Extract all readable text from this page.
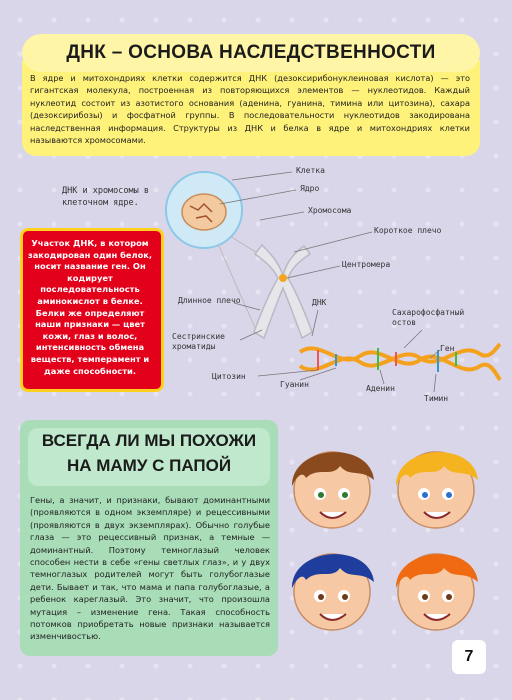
ДНК – ОСНОВА НАСЛЕДСТВЕННОСТИ
В ядре и митохондриях клетки содержится ДНК (дезоксирибонуклеиновая кислота) — это гигантская молекула, построенная из повторяющихся элементов — нуклеотидов. Каждый нуклеотид состоит из азотистого основания (аденина, гуанина, тимина или цитозина), сахара (дезоксирибозы) и фосфатной группы. В последовательности нуклеотидов закодирована наследственная информация. Структуры из ДНК и белка в ядре и митохондриях клетки называются хромосомами.
ДНК и хромосомы в клеточном ядре.
Клетка
Ядро
Хромосома
Короткое плечо
Центромера
Длинное плечо
Сестринские хроматиды
ДНК
Сахарофосфатный остов
Ген
Аденин
Тимин
Гуанин
Цитозин
Участок ДНК, в котором закодирован один белок, носит название ген. Он кодирует последовательность аминокислот в белке. Белки же определяют наши признаки — цвет кожи, глаз и волос, интенсивность обмена веществ, темперамент и даже способности.
ВСЕГДА ЛИ МЫ ПОХОЖИ
НА МАМУ С ПАПОЙ
Гены, а значит, и признаки, бывают доминантными (проявляются в одном экземпляре) и рецессивными (проявляются в двух экземплярах). Обычно голубые глаза — это рецессивный признак, а темные — доминантный. Поэтому темноглазый человек способен нести в себе «гены светлых глаз», и у двух темноглазых родителей могут быть голубоглазые дети. Бывает и так, что мама и папа голубоглазые, а ребенок кареглазый. Это значит, что произошла мутация – изменение гена. Такая способность потомков приобретать новые признаки называется изменчивостью.
7
